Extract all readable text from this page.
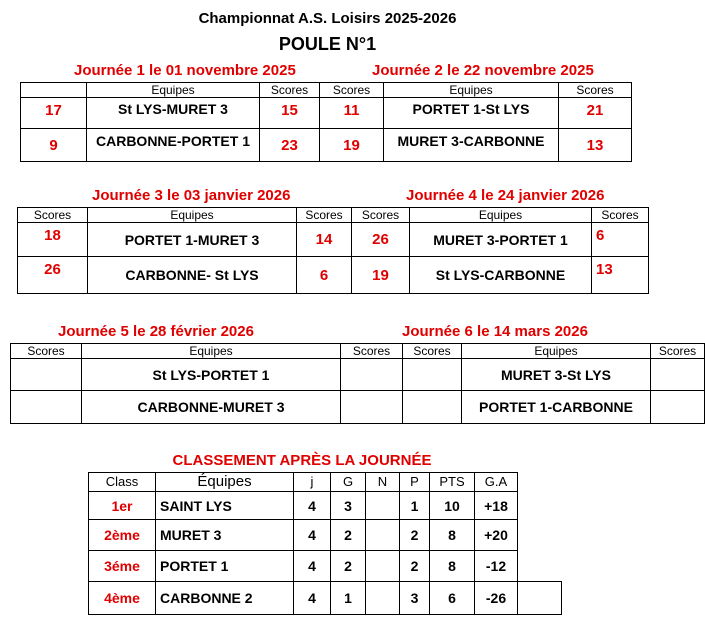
Championnat A.S. Loisirs 2025-2026
POULE N°1
Journée 1 le 01 novembre 2025	Journée 2 le 22 novembre 2025
	Equipes	Scores	Scores	Equipes	Scores
17	St LYS-MURET 3	15	11	PORTET 1-St LYS	21
9	CARBONNE-PORTET 1	23	19	MURET 3-CARBONNE	13
Journée 3 le 03 janvier 2026	Journée 4 le 24 janvier 2026
Scores	Equipes	Scores	Scores	Equipes	Scores
18	PORTET 1-MURET 3	14	26	MURET 3-PORTET 1	6
26	CARBONNE- St LYS	6	19	St LYS-CARBONNE	13
Journée 5 le 28 février 2026	Journée 6 le 14 mars 2026
Scores	Equipes	Scores	Scores	Equipes	Scores
	St LYS-PORTET 1			MURET 3-St LYS	
	CARBONNE-MURET 3			PORTET 1-CARBONNE	
CLASSEMENT APRÈS LA JOURNÉE
Class	Équipes	j	G	N	P	PTS	G.A	
1er	SAINT LYS	4	3		1	10	+18	
2ème	MURET 3	4	2		2	8	+20	
3éme	PORTET 1	4	2		2	8	-12	
4ème	CARBONNE 2	4	1		3	6	-26	
